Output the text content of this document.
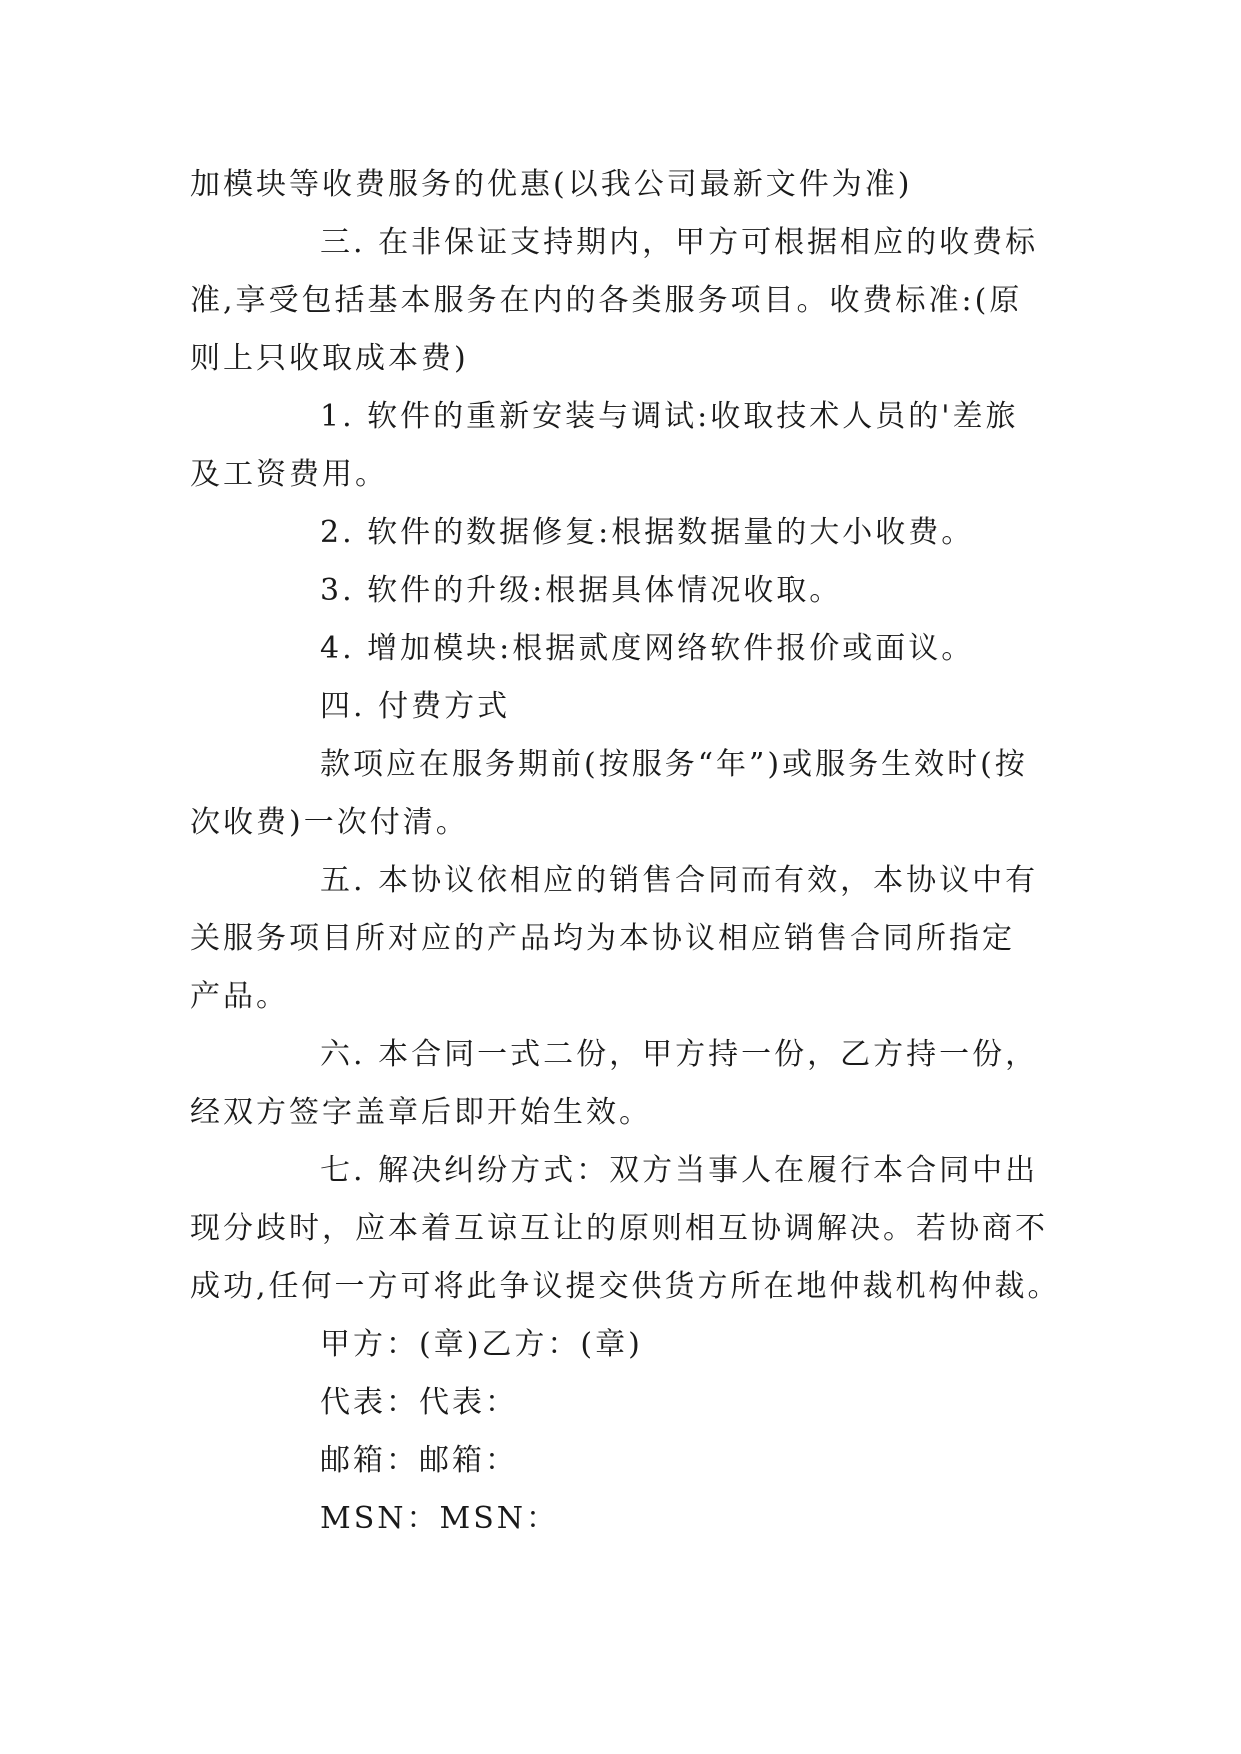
加模块等收费服务的优惠(以我公司最新文件为准)
三. 在非保证支持期内，甲方可根据相应的收费标
准,享受包括基本服务在内的各类服务项目。收费标准:(原
则上只收取成本费)
1. 软件的重新安装与调试:收取技术人员的'差旅
及工资费用。
2. 软件的数据修复:根据数据量的大小收费。
3. 软件的升级:根据具体情况收取。
4. 增加模块:根据贰度网络软件报价或面议。
四. 付费方式
款项应在服务期前(按服务“年”)或服务生效时(按
次收费)一次付清。
五. 本协议依相应的销售合同而有效，本协议中有
关服务项目所对应的产品均为本协议相应销售合同所指定
产品。
六. 本合同一式二份，甲方持一份，乙方持一份，
经双方签字盖章后即开始生效。
七. 解决纠纷方式：双方当事人在履行本合同中出
现分歧时，应本着互谅互让的原则相互协调解决。若协商不
成功,任何一方可将此争议提交供货方所在地仲裁机构仲裁。
甲方：(章)乙方：(章)
代表：代表：
邮箱：邮箱：
MSN：MSN：
